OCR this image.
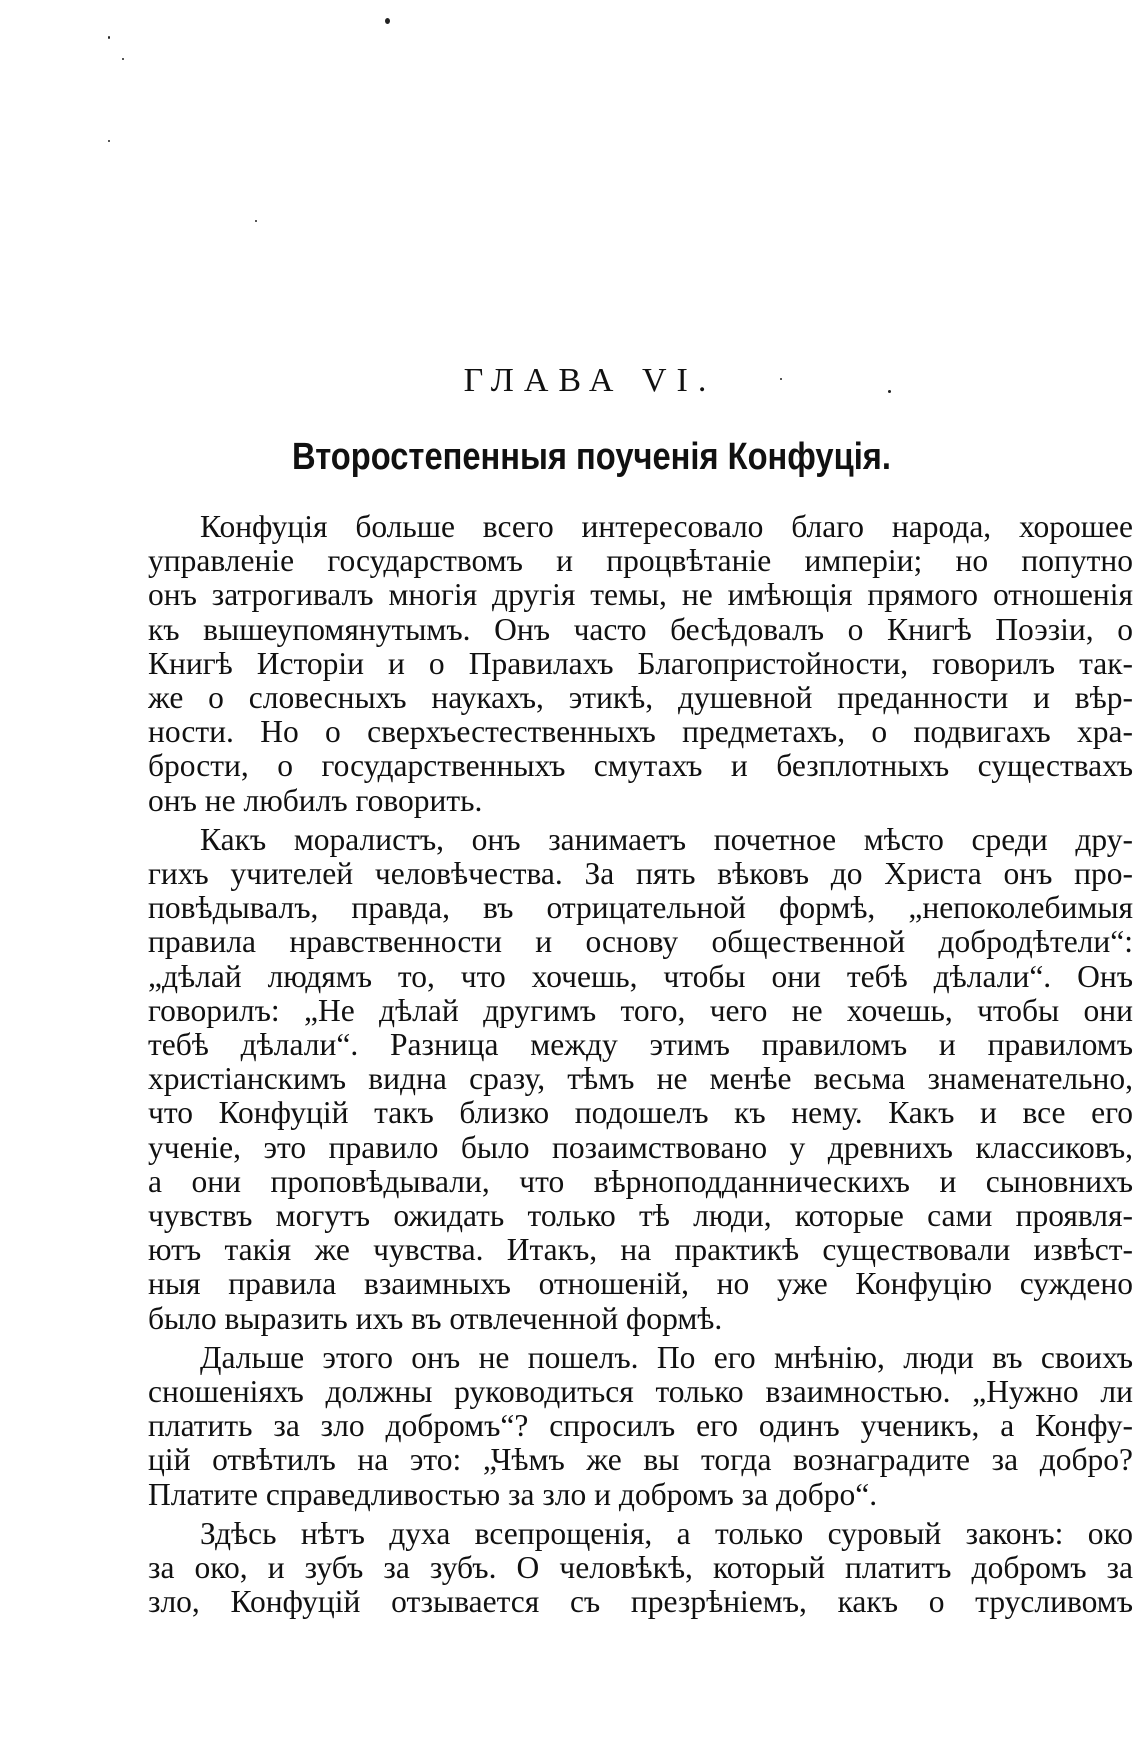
ГЛАВА VI.
Второстепенныя поученія Конфуція.
Конфуція больше всего интересовало благо народа, хорошее
управленіе государствомъ и процвѣтаніе имперіи; но попутно
онъ затрогивалъ многія другія темы, не имѣющія прямого отношенія
къ вышеупомянутымъ. Онъ часто бесѣдовалъ о Книгѣ Поэзіи, о
Книгѣ Исторіи и о Правилахъ Благопристойности, говорилъ так-
же о словесныхъ наукахъ, этикѣ, душевной преданности и вѣр-
ности. Но о сверхъестественныхъ предметахъ, о подвигахъ хра-
брости, о государственныхъ смутахъ и безплотныхъ существахъ
онъ не любилъ говорить.
Какъ моралистъ, онъ занимаетъ почетное мѣсто среди дру-
гихъ учителей человѣчества. За пять вѣковъ до Христа онъ про-
повѣдывалъ, правда, въ отрицательной формѣ, „непоколебимыя
правила нравственности и основу общественной добродѣтели“:
„дѣлай людямъ то, что хочешь, чтобы они тебѣ дѣлали“. Онъ
говорилъ: „Не дѣлай другимъ того, чего не хочешь, чтобы они
тебѣ дѣлали“. Разница между этимъ правиломъ и правиломъ
христіанскимъ видна сразу, тѣмъ не менѣе весьма знаменательно,
что Конфуцій такъ близко подошелъ къ нему. Какъ и все его
ученіе, это правило было позаимствовано у древнихъ классиковъ,
а они проповѣдывали, что вѣрноподданническихъ и сыновнихъ
чувствъ могутъ ожидать только тѣ люди, которые сами проявля-
ютъ такія же чувства. Итакъ, на практикѣ существовали извѣст-
ныя правила взаимныхъ отношеній, но уже Конфуцію суждено
было выразить ихъ въ отвлеченной формѣ.
Дальше этого онъ не пошелъ. По его мнѣнію, люди въ своихъ
сношеніяхъ должны руководиться только взаимностью. „Нужно ли
платить за зло добромъ“? спросилъ его одинъ ученикъ, а Конфу-
цій отвѣтилъ на это: „Чѣмъ же вы тогда вознаградите за добро?
Платите справедливостью за зло и добромъ за добро“.
Здѣсь нѣтъ духа всепрощенія, а только суровый законъ: око
за око, и зубъ за зубъ. О человѣкѣ, который платитъ добромъ за
зло, Конфуцій отзывается съ презрѣніемъ, какъ о трусливомъ
